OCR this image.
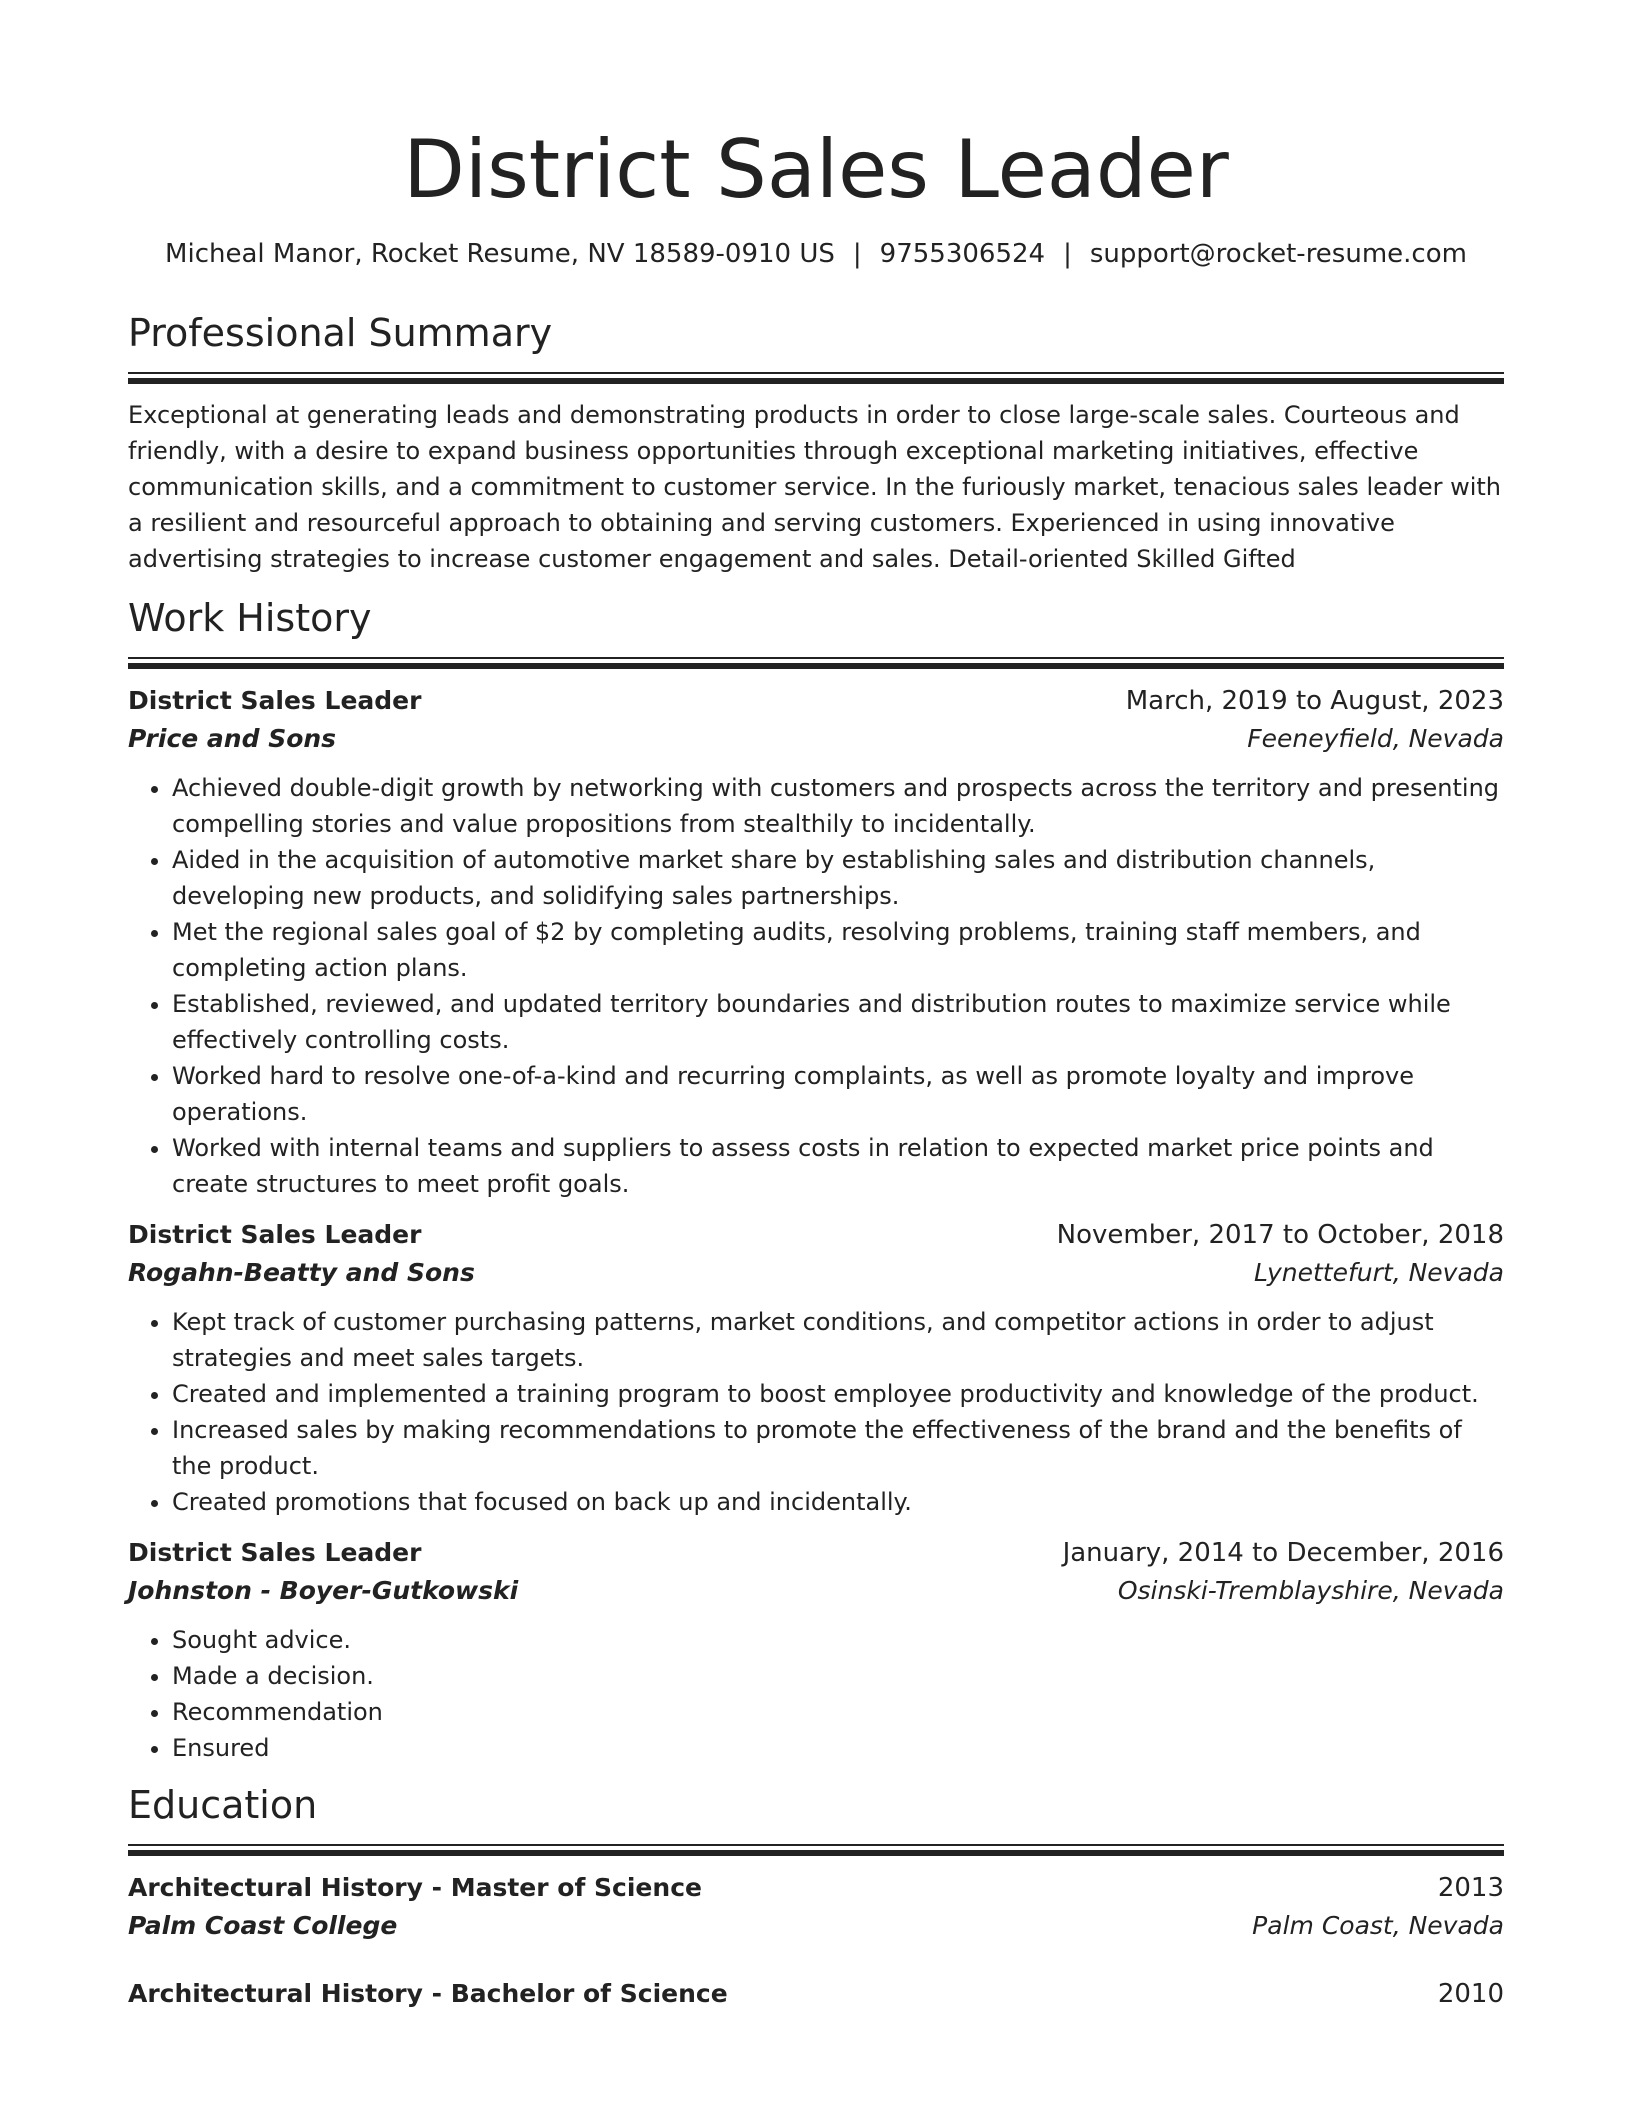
District Sales Leader
Micheal Manor, Rocket Resume, NV 18589-0910 US | 9755306524 | support@rocket-resume.com
Professional Summary

Exceptional at generating leads and demonstrating products in order to close large-scale sales. Courteous and friendly, with a desire to expand business opportunities through exceptional marketing initiatives, effective communication skills, and a commitment to customer service. In the furiously market, tenacious sales leader with a resilient and resourceful approach to obtaining and serving customers. Experienced in using innovative advertising strategies to increase customer engagement and sales. Detail-oriented Skilled Gifted

Work History
District Sales Leader	March, 2019 to August, 2023
Price and Sons	Feeneyfield, Nevada
• Achieved double-digit growth by networking with customers and prospects across the territory and presenting compelling stories and value propositions from stealthily to incidentally.
• Aided in the acquisition of automotive market share by establishing sales and distribution channels, developing new products, and solidifying sales partnerships.
• Met the regional sales goal of $2 by completing audits, resolving problems, training staff members, and completing action plans.
• Established, reviewed, and updated territory boundaries and distribution routes to maximize service while effectively controlling costs.
• Worked hard to resolve one-of-a-kind and recurring complaints, as well as promote loyalty and improve operations.
• Worked with internal teams and suppliers to assess costs in relation to expected market price points and create structures to meet profit goals.
District Sales Leader	November, 2017 to October, 2018
Rogahn-Beatty and Sons	Lynettefurt, Nevada
• Kept track of customer purchasing patterns, market conditions, and competitor actions in order to adjust strategies and meet sales targets.
• Created and implemented a training program to boost employee productivity and knowledge of the product.
• Increased sales by making recommendations to promote the effectiveness of the brand and the benefits of the product.
• Created promotions that focused on back up and incidentally.
District Sales Leader	January, 2014 to December, 2016
Johnston - Boyer-Gutkowski	Osinski-Tremblayshire, Nevada
• Sought advice.
• Made a decision.
• Recommendation
• Ensured
Education
Architectural History - Master of Science	2013
Palm Coast College	Palm Coast, Nevada
Architectural History - Bachelor of Science	2010
